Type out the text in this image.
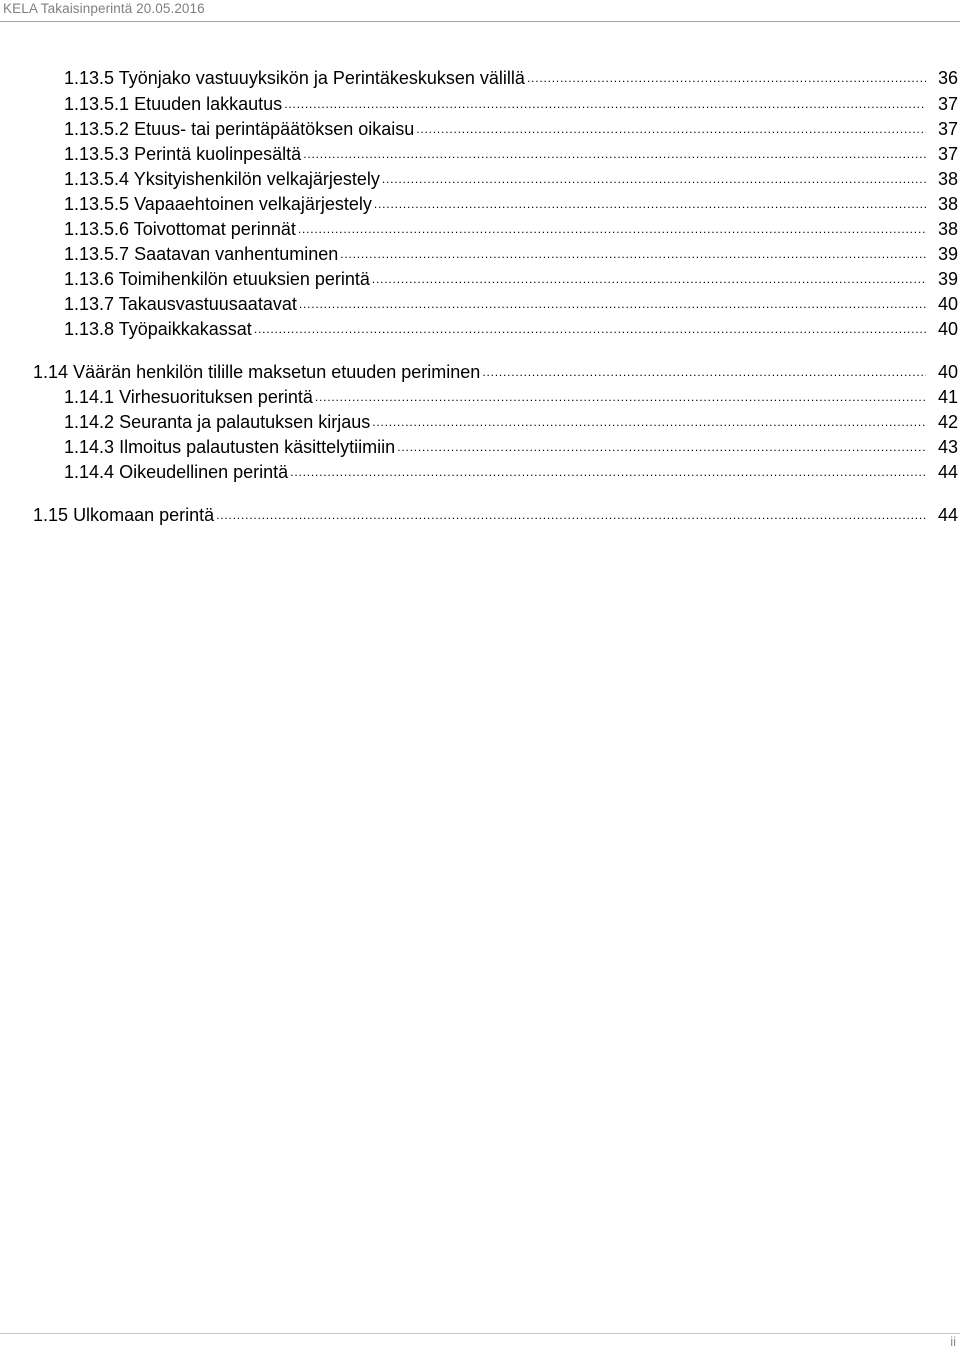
KELA Takaisinperintä 20.05.2016
1.13.5 Työnjako vastuuyksikön ja Perintäkeskuksen välillä .....	36
1.13.5.1 Etuuden lakkautus .....	37
1.13.5.2 Etuus- tai perintäpäätöksen oikaisu .....	37
1.13.5.3 Perintä kuolinpesältä .....	37
1.13.5.4 Yksityishenkilön velkajärjestely .....	38
1.13.5.5 Vapaaehtoinen velkajärjestely .....	38
1.13.5.6 Toivottomat perinnät .....	38
1.13.5.7 Saatavan vanhentuminen .....	39
1.13.6 Toimihenkilön etuuksien perintä .....	39
1.13.7 Takausvastuusaatavat .....	40
1.13.8 Työpaikkakassat .....	40
1.14 Väärän henkilön tilille maksetun etuuden periminen .....	40
1.14.1 Virhesuorituksen perintä .....	41
1.14.2 Seuranta ja palautuksen kirjaus .....	42
1.14.3 Ilmoitus palautusten käsittelytiimiin .....	43
1.14.4 Oikeudellinen perintä .....	44
1.15 Ulkomaan perintä .....	44
ii
